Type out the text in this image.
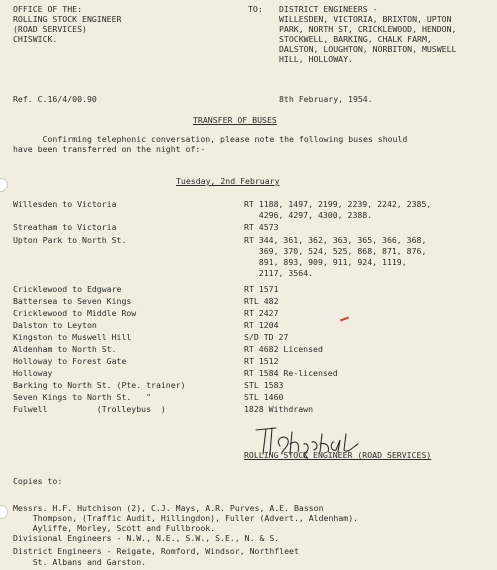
OFFICE OF THE:
ROLLING STOCK ENGINEER
(ROAD SERVICES)
CHISWICK.
TO: DISTRICT ENGINEERS -
WILLESDEN, VICTORIA, BRIXTON, UPTON
PARK, NORTH ST, CRICKLEWOOD, HENDON,
STOCKWELL, BARKING, CHALK FARM,
DALSTON, LOUGHTON, NORBITON, MUSWELL
HILL, HOLLOWAY.
Ref. C.16/4/00.90	8th February, 1954.
TRANSFER OF BUSES
Confirming telephonic conversation, please note the following buses should
have been transferred on the night of:-
Tuesday, 2nd February
Willesden to Victoria
Streatham to Victoria
Upton Park to North St.
Cricklewood to Edgware
Battersea to Seven Kings
Cricklewood to Middle Row
Dalston to Leyton
Kingston to Muswell Hill
Aldenham to North St.
Holloway to Forest Gate
Holloway
Barking to North St. (Pte. trainer)
Seven Kings to North St.   "
Fulwell          (Trolleybus  )
RT 1188, 1497, 2199, 2239, 2242, 2385,
4296, 4297, 4300, 2388.
RT 4573
RT 344, 361, 362, 363, 365, 366, 368,
369, 370, 524, 525, 868, 871, 876,
891, 893, 909, 911, 924, 1119,
2117, 3564.
RT 1571
RTL 482
RT 2427
RT 1204
S/D TD 27
RT 4682 Licensed
RT 1512
RT 1584 Re-licensed
STL 1583
STL 1460
1828 Withdrawn
ROLLING STOCK ENGINEER (ROAD SERVICES)
Copies to:
Messrs. H.F. Hutchison (2), C.J. Mays, A.R. Purves, A.E. Basson
Thompson, (Traffic Audit, Hillingdon), Fuller (Advert., Aldenham).
Ayliffe, Morley, Scott and Fullbrook.
Divisional Engineers - N.W., N.E., S.W., S.E., N. & S.
District Engineers - Reigate, Romford, Windsor, Northfleet
St. Albans and Garston.
